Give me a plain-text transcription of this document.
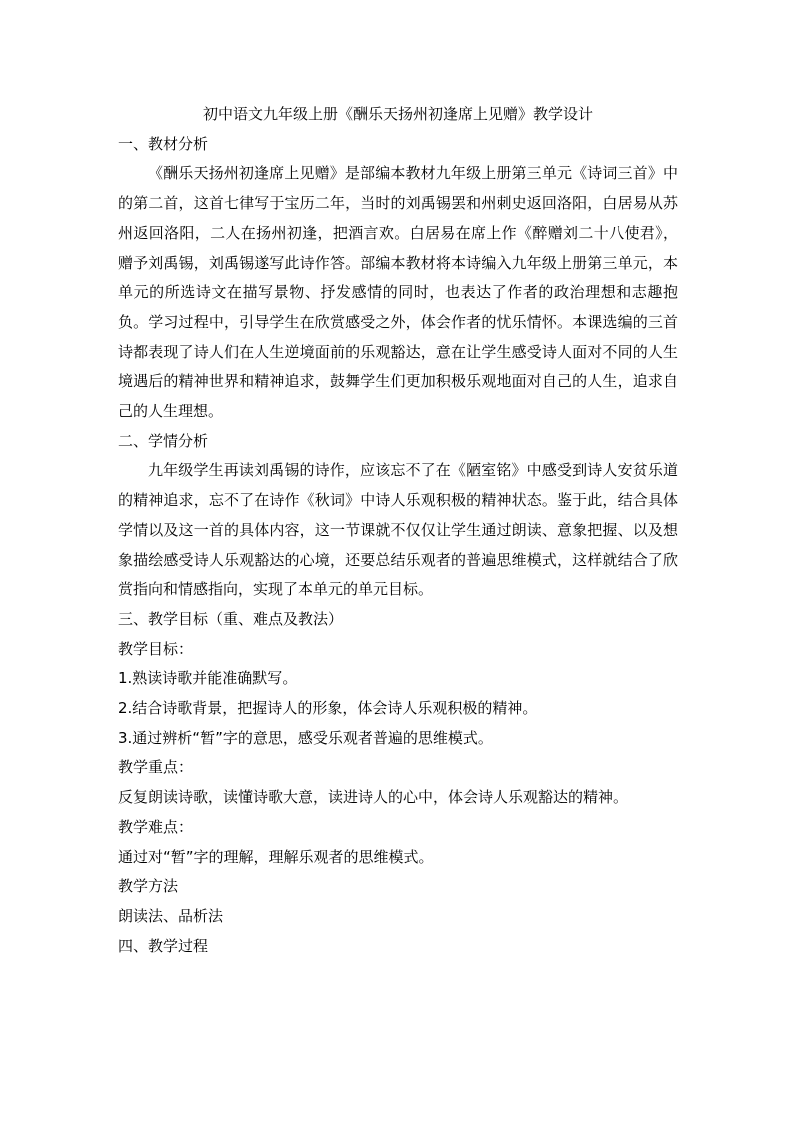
初中语文九年级上册《酬乐天扬州初逢席上见赠》教学设计

一、教材分析

《酬乐天扬州初逢席上见赠》是部编本教材九年级上册第三单元《诗词三首》中的第二首，这首七律写于宝历二年，当时的刘禹锡罢和州刺史返回洛阳，白居易从苏州返回洛阳，二人在扬州初逢，把酒言欢。白居易在席上作《醉赠刘二十八使君》，赠予刘禹锡，刘禹锡遂写此诗作答。部编本教材将本诗编入九年级上册第三单元，本单元的所选诗文在描写景物、抒发感情的同时，也表达了作者的政治理想和志趣抱负。学习过程中，引导学生在欣赏感受之外，体会作者的忧乐情怀。本课选编的三首诗都表现了诗人们在人生逆境面前的乐观豁达，意在让学生感受诗人面对不同的人生境遇后的精神世界和精神追求，鼓舞学生们更加积极乐观地面对自己的人生，追求自己的人生理想。

二、学情分析

九年级学生再读刘禹锡的诗作，应该忘不了在《陋室铭》中感受到诗人安贫乐道的精神追求，忘不了在诗作《秋词》中诗人乐观积极的精神状态。鉴于此，结合具体学情以及这一首的具体内容，这一节课就不仅仅让学生通过朗读、意象把握、以及想象描绘感受诗人乐观豁达的心境，还要总结乐观者的普遍思维模式，这样就结合了欣赏指向和情感指向，实现了本单元的单元目标。

三、教学目标（重、难点及教法）

教学目标：

1.熟读诗歌并能准确默写。

2.结合诗歌背景，把握诗人的形象，体会诗人乐观积极的精神。

3.通过辨析“暂”字的意思，感受乐观者普遍的思维模式。

教学重点：

反复朗读诗歌，读懂诗歌大意，读进诗人的心中，体会诗人乐观豁达的精神。

教学难点：

通过对“暂”字的理解，理解乐观者的思维模式。

教学方法

朗读法、品析法

四、教学过程
